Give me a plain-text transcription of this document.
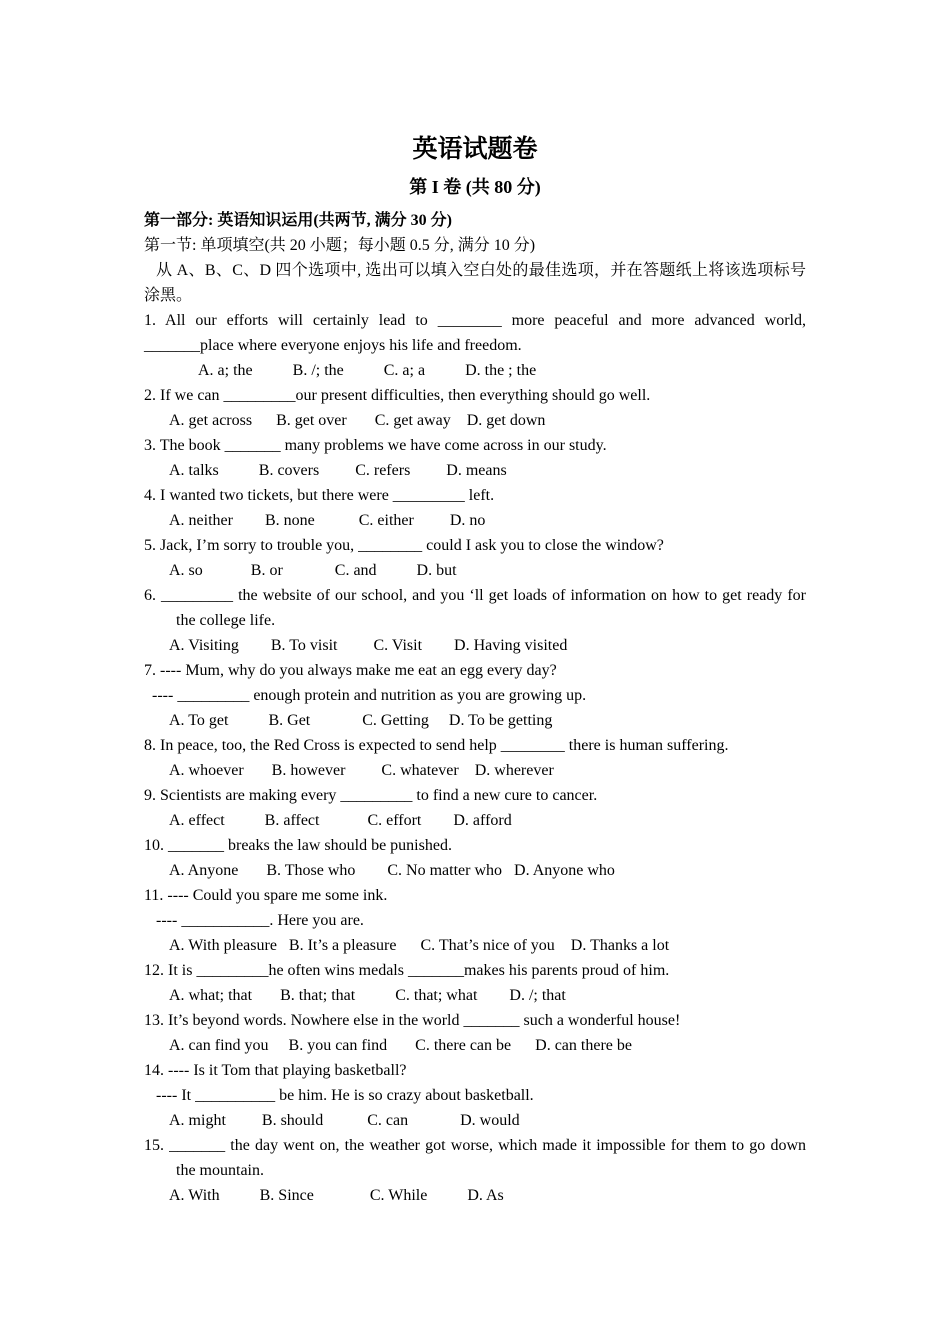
英语试题卷
第 I 卷 (共 80 分)

第一部分: 英语知识运用(共两节, 满分 30 分)

第一节: 单项填空(共 20 小题；每小题 0.5 分, 满分 10 分)

从 A、B、C、D 四个选项中, 选出可以填入空白处的最佳选项，并在答题纸上将该选项标号涂黑。

1. All our efforts will certainly lead to ________ more peaceful and more advanced world, _______place where everyone enjoys his life and freedom.

A. a; the          B. /; the          C. a; a          D. the ; the

2. If we can _________our present difficulties, then everything should go well.

A. get across      B. get over       C. get away    D. get down

3. The book _______ many problems we have come across in our study.

A. talks          B. covers         C. refers         D. means

4. I wanted two tickets, but there were _________ left.

A. neither        B. none           C. either         D. no

5. Jack, I’m sorry to trouble you, ________ could I ask you to close the window?

A. so            B. or             C. and          D. but

6. _________ the website of our school, and you ‘ll get loads of information on how to get ready for the college life.

A. Visiting        B. To visit         C. Visit        D. Having visited

7. ---- Mum, why do you always make me eat an egg every day?

---- _________ enough protein and nutrition as you are growing up.

A. To get          B. Get             C. Getting     D. To be getting

8. In peace, too, the Red Cross is expected to send help ________ there is human suffering.

A. whoever       B. however         C. whatever    D. wherever

9. Scientists are making every _________ to find a new cure to cancer.

A. effect          B. affect            C. effort        D. afford

10. _______ breaks the law should be punished.

A. Anyone       B. Those who        C. No matter who   D. Anyone who

11. ---- Could you spare me some ink.

---- ___________. Here you are.

A. With pleasure   B. It’s a pleasure      C. That’s nice of you    D. Thanks a lot

12. It is _________he often wins medals _______makes his parents proud of him.

A. what; that       B. that; that          C. that; what        D. /; that

13. It’s beyond words. Nowhere else in the world _______ such a wonderful house!

A. can find you     B. you can find       C. there can be      D. can there be

14. ---- Is it Tom that playing basketball?

---- It __________ be him. He is so crazy about basketball.

A. might         B. should           C. can             D. would

15. _______ the day went on, the weather got worse, which made it impossible for them to go down the mountain.

A. With          B. Since              C. While          D. As
